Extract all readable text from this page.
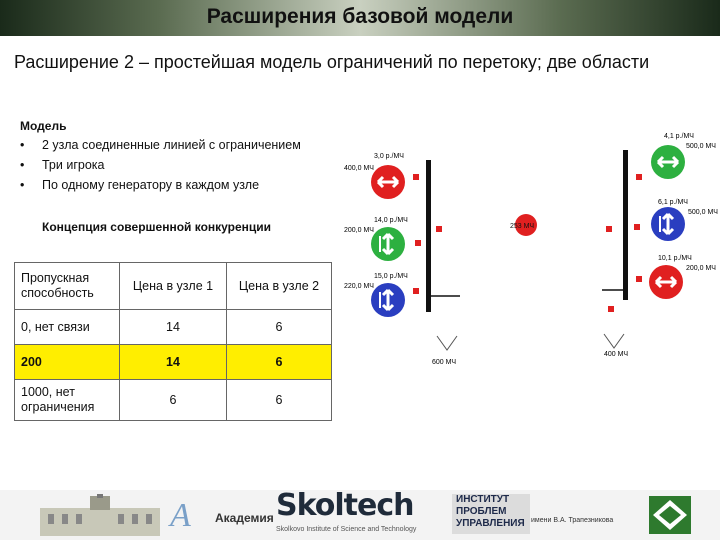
Расширения базовой модели
Расширение 2 – простейшая модель ограничений по перетоку; две области
Модель
• 2 узла соединенные линией с ограничением
• Три игрока
• По одному генератору в каждом узле
Концепция совершенной конкуренции
Пропускная способность	Цена в узле 1	Цена в узле 2
0, нет связи	14	6
200	14	6
1000, нет ограничения	6	6
253 МЧ
3,0 р./МЧ
400,0 МЧ
14,0 р./МЧ
200,0 МЧ
15,0 р./МЧ
220,0 МЧ
600 МЧ
4,1 р./МЧ
500,0 МЧ
6,1 р./МЧ
500,0 МЧ
10,1 р./МЧ
200,0 МЧ
400 МЧ
A Академия Skoltech
Skolkovo Institute of Science and Technology
ИНСТИТУТ
ПРОБЛЕМ
УПРАВЛЕНИЯ имени В.А. Трапезникова
